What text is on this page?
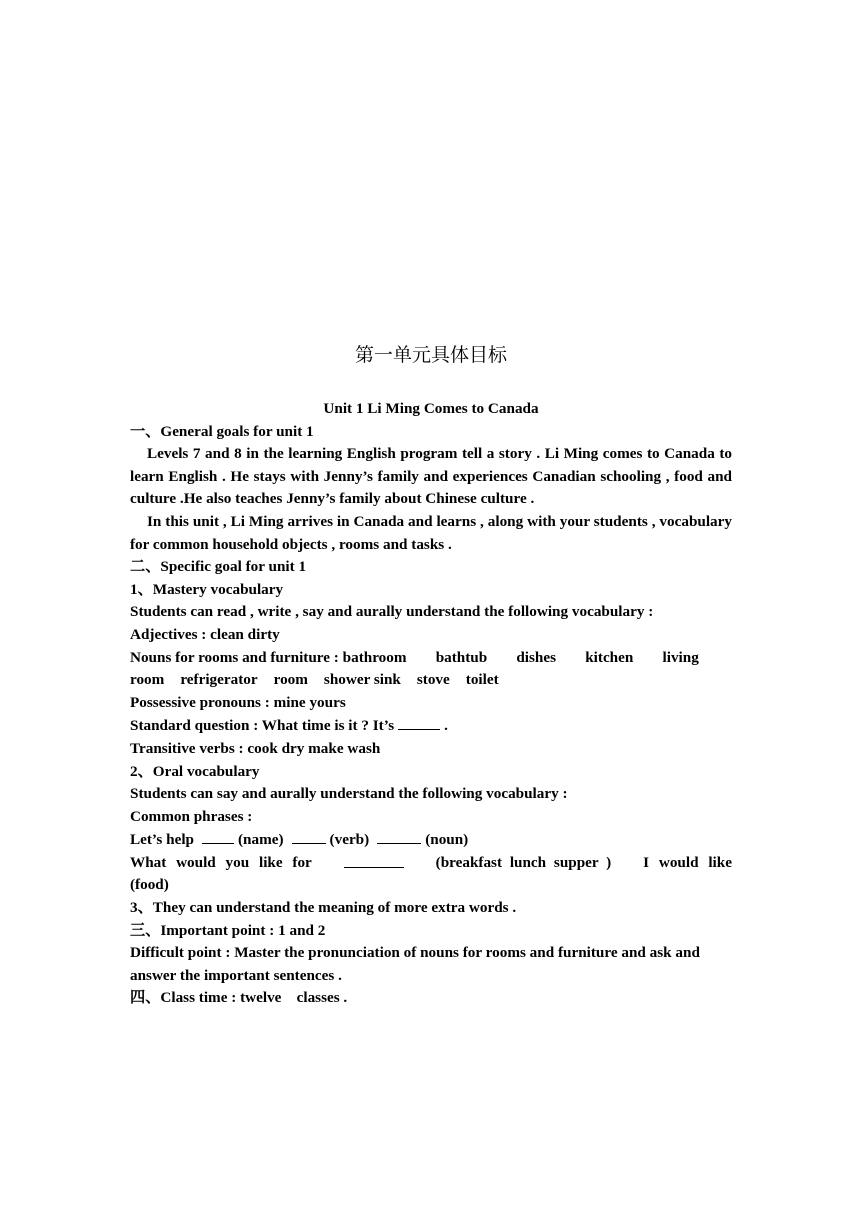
第一单元具体目标
Unit 1 Li Ming Comes to Canada
一、General goals for unit 1
Levels 7 and 8 in the learning English program tell a story . Li Ming comes to Canada to learn English . He stays with Jenny’s family and experiences Canadian schooling , food and culture .He also teaches Jenny’s family about Chinese culture .
In this unit , Li Ming arrives in Canada and learns , along with your students , vocabulary for common household objects , rooms and tasks .
二、Specific goal for unit 1
1、Mastery vocabulary
Students can read , write , say and aurally understand the following vocabulary :
Adjectives : clean dirty
Nouns for rooms and furniture : bathroom bathtub dishes kitchen living
room refrigerator room shower sink stove toilet
Possessive pronouns : mine yours
Standard question : What time is it ? It’s	.
Transitive verbs : cook dry make wash
2、Oral vocabulary
Students can say and aurally understand the following vocabulary :
Common phrases :
Let’s help	(name)	(verb)	(noun)
What would you like for	(breakfast lunch supper ) I would like
(food)
3、They can understand the meaning of more extra words .
三、Important point : 1 and 2
Difficult point : Master the pronunciation of nouns for rooms and furniture and ask and answer the important sentences .
四、Class time : twelve　classes .
